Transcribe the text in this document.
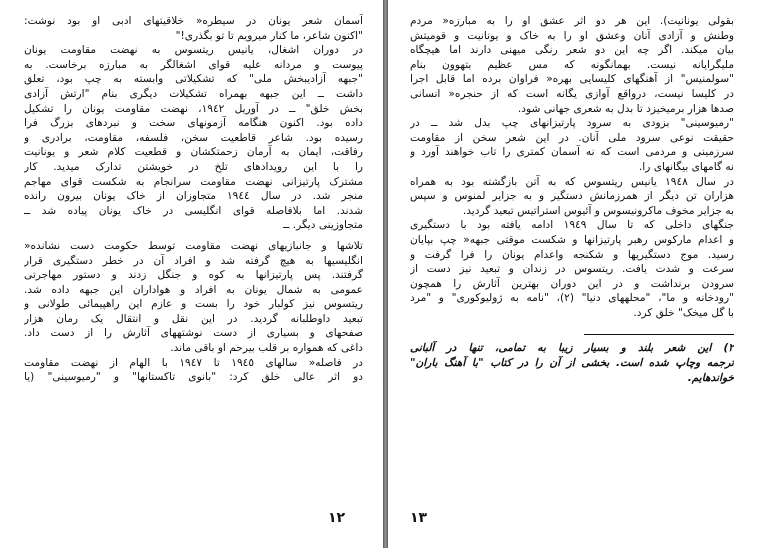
آسمان شعر یونان در سیطره« خلاقیتهای ادبی او بود نوشت:
"اکنون شاعر، ما کنار میرویم تا تو بگذری!"
در دوران اشغال، یانیس ریتسوس به نهضت مقاومت یونان
پیوست و مردانه علیه قوای اشغالگر به مبارزه برخاست. به
"جبهه آزادیبخش ملی" که تشکیلاتی وابسته به چپ بود، تعلق
داشت ــ این جبهه بهمراه تشکیلات دیگری بنام "ارتش آزادی
بخش خلق" ــ در آوریل ١٩٤٢، نهضت مقاومت یونان را تشکیل
داده بود. اکنون هنگامه آزمونهای سخت و نبردهای بزرگ فرا
رسیده بود. شاعر قاطعیت سخن، فلسفه، مقاومت، برادری و
رفاقت، ایمان به آرمان زحمتکشان و قطعیت کلام شعر و یونانیت
را با این رویدادهای تلخ در خویشتن تدارک میدید. کار
مشترک پارتیزانی نهضت مقاومت سرانجام به شکست قوای مهاجم
منجر شد. در سال ١٩٤٤ متجاوزان از خاک یونان بیرون رانده
شدند. اما بلافاصله قوای انگلیسی در خاک یونان پیاده شد ــ
متجاوزینی دیگر. ــ
تلاشها و جانبازیهای نهضت مقاومت توسط حکومت دست نشانده«
انگلیسیها به هیچ گرفته شد و افراد آن در خطر دستگیری قرار
گرفتند. پس پارتیزانها به کوه و جنگل زدند و دستور مهاجرتی
عمومی به شمال یونان به افراد و هواداران این جبهه داده شد.
ریتسوس نیز کولبار خود را بست و عازم این راهپیمائی طولانی و
تبعید داوطلبانه گردید. در این نقل و انتقال یک رمان هزار
صفحهای و بسیاری از دست نوشتههای آثارش را از دست داد.
داغی که همواره بر قلب بیرحم او باقی ماند.
در فاصله« سالهای ١٩٤٥ تا ١٩٤٧ با الهام از نهضت مقاومت
دو اثر عالی خلق کرد: "بانوی تاکستانها" و "رمیوسینی" (یا
١٢
بقولی یونانیت). این هر دو اثر عشق او را به مبارزه« مردم
وطنش و آزادی آنان وعشق او را به خاک و یونانیت و قومیتش
بیان میکند. اگر چه این دو شعر رنگی میهنی دارند اما هیچگاه
ملیگرایانه نیست. بهمانگونه که مس عظیم بتهوون بنام
"سولمنیس" از آهنگهای کلیسایی بهره« فراوان برده اما قابل اجرا
در کلیسا نیست، درواقع آوازی یگانه است که از حنجره« انسانی
صدها هزار برمیخیزد تا بدل به شعری جهانی شود.
"رمیوسینی" بزودی به سرود پارتیزانهای چپ بدل شد ــ در
حقیقت نوعی سرود ملی آنان. در این شعر سخن از مقاومت
سرزمینی و مردمی است که نه آسمان کمتری را تاب خواهند آورد و
نه گامهای بیگانهای را.
در سال ١٩٤٨ یانیس ریتسوس که به آتن بازگشته بود به همراه
هزاران تن دیگر از همرزمانش دستگیر و به جزایر لمنوس و سپس
به جزایر مخوف ماکرونیسوس و آئیوس استراتیس تبعید گردید.
جنگهای داخلی که تا سال ١٩٤٩ ادامه یافته بود با دستگیری
و اعدام مارکوس رهبر پارتیزانها و شکست موقتی جبهه« چپ بپایان
رسید. موج دستگیریها و شکنجه واعدام یونان را فرا گرفت و
سرعت و شدت یافت. ریتسوس در زندان و تبعید نیز دست از
سرودن برنداشت و در این دوران بهترین آثارش را همچون
"رودخانه و ما"، "محلههای دنیا" (٢)، "نامه به ژولیوکوری" و "مرد
با گل میخک" خلق کرد.
٢) این شعر بلند و بسیار زیبا به تمامی، تنها در آلبانی
ترجمه وچاپ شده است. بخشی از آن را در کتاب "با آهنگ باران"
خواندهایم.
١٣
